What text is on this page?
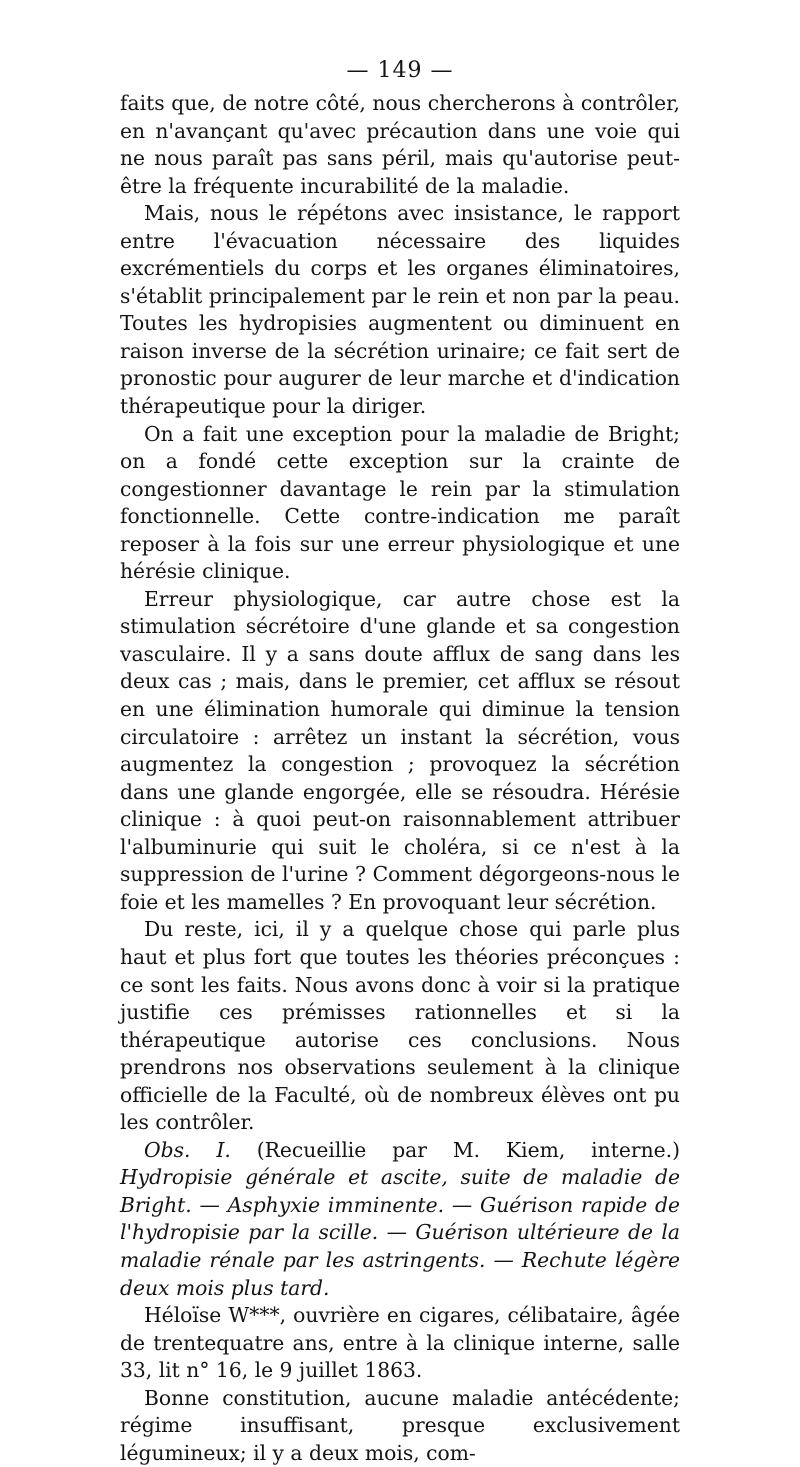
— 149 —

faits que, de notre côté, nous chercherons à contrôler, en n'avançant qu'avec précaution dans une voie qui ne nous paraît pas sans péril, mais qu'autorise peut-être la fréquente incurabilité de la maladie.

Mais, nous le répétons avec insistance, le rapport entre l'évacuation nécessaire des liquides excrémentiels du corps et les organes éliminatoires, s'établit principalement par le rein et non par la peau. Toutes les hydropisies augmentent ou diminuent en raison inverse de la sécrétion urinaire; ce fait sert de pronostic pour augurer de leur marche et d'indication thérapeutique pour la diriger.

On a fait une exception pour la maladie de Bright; on a fondé cette exception sur la crainte de congestionner davantage le rein par la stimulation fonctionnelle. Cette contre-indication me paraît reposer à la fois sur une erreur physiologique et une hérésie clinique.

Erreur physiologique, car autre chose est la stimulation sécrétoire d'une glande et sa congestion vasculaire. Il y a sans doute afflux de sang dans les deux cas ; mais, dans le premier, cet afflux se résout en une élimination humorale qui diminue la tension circulatoire : arrêtez un instant la sécrétion, vous augmentez la congestion ; provoquez la sécrétion dans une glande engorgée, elle se résoudra. Hérésie clinique : à quoi peut-on raisonnablement attribuer l'albuminurie qui suit le choléra, si ce n'est à la suppression de l'urine ? Comment dégorgeons-nous le foie et les mamelles ? En provoquant leur sécrétion.

Du reste, ici, il y a quelque chose qui parle plus haut et plus fort que toutes les théories préconçues : ce sont les faits. Nous avons donc à voir si la pratique justifie ces prémisses rationnelles et si la thérapeutique autorise ces conclusions. Nous prendrons nos observations seulement à la clinique officielle de la Faculté, où de nombreux élèves ont pu les contrôler.

Obs. I. (Recueillie par M. Kiem, interne.) Hydropisie générale et ascite, suite de maladie de Bright. — Asphyxie imminente. — Guérison rapide de l'hydropisie par la scille. — Guérison ultérieure de la maladie rénale par les astringents. — Rechute légère deux mois plus tard.

Héloïse W***, ouvrière en cigares, célibataire, âgée de trentequatre ans, entre à la clinique interne, salle 33, lit n° 16, le 9 juillet 1863.

Bonne constitution, aucune maladie antécédente; régime insuffisant, presque exclusivement légumineux; il y a deux mois, com-
